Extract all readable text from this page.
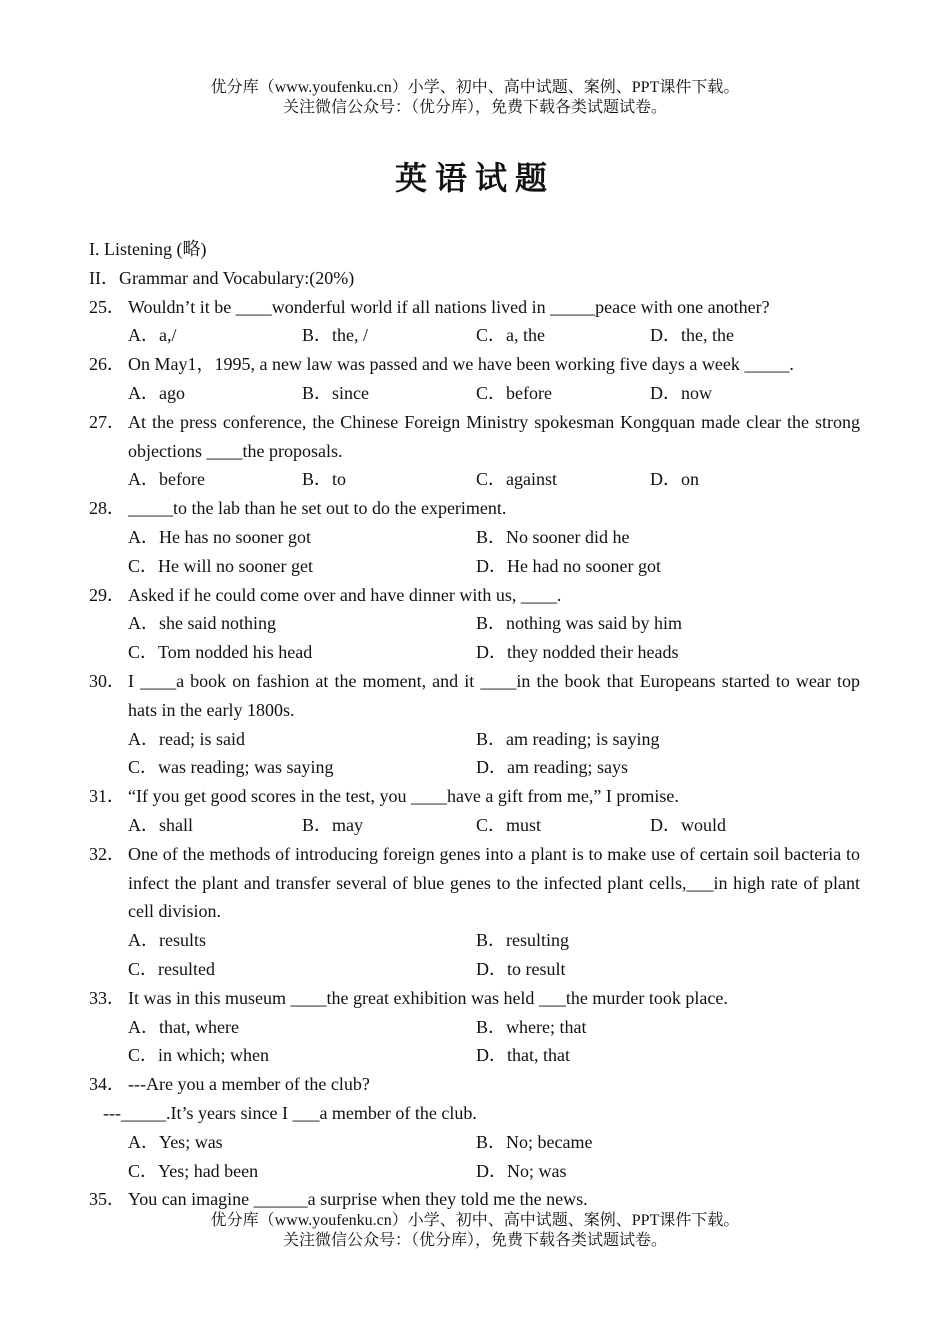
优分库（www.youfenku.cn）小学、初中、高中试题、案例、PPT课件下载。
关注微信公众号：（优分库），免费下载各类试题试卷。
英语试题
I. Listening (略)
II．Grammar and Vocabulary:(20%)
25． Wouldn’t it be ____wonderful world if all nations lived in _____peace with one another?
A．a,/	B．the, /	C．a, the	D．the, the
26． On May1，1995, a new law was passed and we have been working five days a week _____.
A．ago	B．since	C．before	D．now
27． At the press conference, the Chinese Foreign Ministry spokesman Kongquan made clear the strong objections ____the proposals.
A．before	B．to	C．against	D．on
28． _____to the lab than he set out to do the experiment.
A．He has no sooner got	B．No sooner did he
C．He will no sooner get	D．He had no sooner got
29． Asked if he could come over and have dinner with us, ____.
A．she said nothing	B．nothing was said by him
C．Tom nodded his head	D．they nodded their heads
30． I ____a book on fashion at the moment, and it ____in the book that Europeans started to wear top hats in the early 1800s.
A．read; is said	B．am reading; is saying
C．was reading; was saying	D．am reading; says
31． “If you get good scores in the test, you ____have a gift from me,” I promise.
A．shall	B．may	C．must	D．would
32． One of the methods of introducing foreign genes into a plant is to make use of certain soil bacteria to infect the plant and transfer several of blue genes to the infected plant cells,___in high rate of plant cell division.
A．results	B．resulting
C．resulted	D．to result
33． It was in this museum ____the great exhibition was held ___the murder took place.
A．that, where	B．where; that
C．in which; when	D．that, that
34． ---Are you a member of the club?
---_____.It’s years since I ___a member of the club.
A．Yes; was	B．No; became
C．Yes; had been	D．No; was
35． You can imagine ______a surprise when they told me the news.
优分库（www.youfenku.cn）小学、初中、高中试题、案例、PPT课件下载。
关注微信公众号：（优分库），免费下载各类试题试卷。
